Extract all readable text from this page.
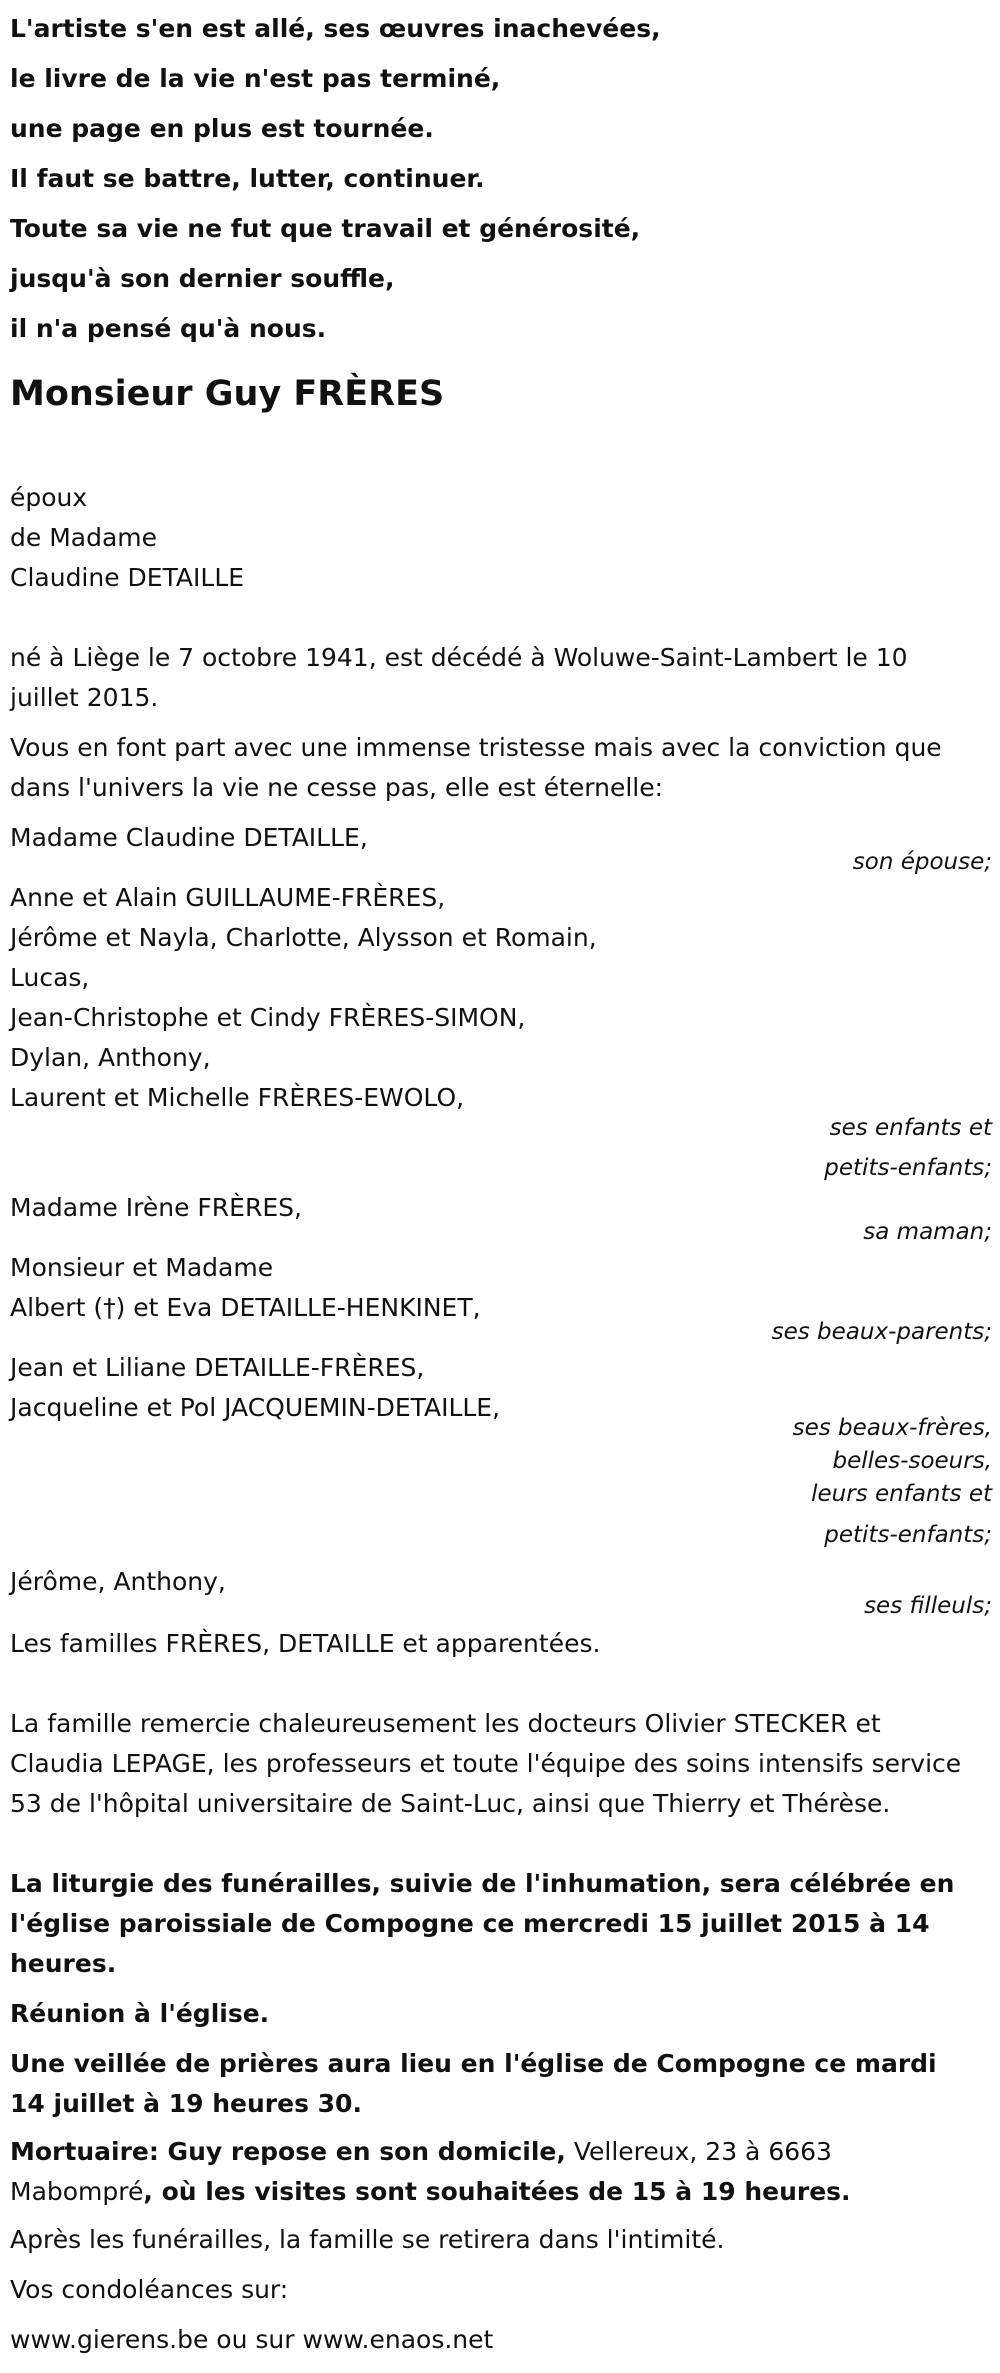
L'artiste s'en est allé, ses œuvres inachevées,

le livre de la vie n'est pas terminé,

une page en plus est tournée.

Il faut se battre, lutter, continuer.

Toute sa vie ne fut que travail et générosité,

jusqu'à son dernier souffle,

il n'a pensé qu'à nous.

Monsieur Guy FRÈRES

époux

de Madame

Claudine DETAILLE

né à Liège le 7 octobre 1941, est décédé à Woluwe-Saint-Lambert le 10 juillet 2015.

Vous en font part avec une immense tristesse mais avec la conviction que dans l'univers la vie ne cesse pas, elle est éternelle:

Madame Claudine DETAILLE,

son épouse;

Anne et Alain GUILLAUME-FRÈRES,

Jérôme et Nayla, Charlotte, Alysson et Romain,

Lucas,

Jean-Christophe et Cindy FRÈRES-SIMON,

Dylan, Anthony,

Laurent et Michelle FRÈRES-EWOLO,

ses enfants et

petits-enfants;

Madame Irène FRÈRES,

sa maman;

Monsieur et Madame

Albert (†) et Eva DETAILLE-HENKINET,

ses beaux-parents;

Jean et Liliane DETAILLE-FRÈRES,

Jacqueline et Pol JACQUEMIN-DETAILLE,

ses beaux-frères,

belles-soeurs,

leurs enfants et

petits-enfants;

Jérôme, Anthony,

ses filleuls;

Les familles FRÈRES, DETAILLE et apparentées.

La famille remercie chaleureusement les docteurs Olivier STECKER et Claudia LEPAGE, les professeurs et toute l'équipe des soins intensifs service 53 de l'hôpital universitaire de Saint-Luc, ainsi que Thierry et Thérèse.

La liturgie des funérailles, suivie de l'inhumation, sera célébrée en l'église paroissiale de Compogne ce mercredi 15 juillet 2015 à 14 heures.

Réunion à l'église.

Une veillée de prières aura lieu en l'église de Compogne ce mardi 14 juillet à 19 heures 30.

Mortuaire: Guy repose en son domicile, Vellereux, 23 à 6663 Mabompré, où les visites sont souhaitées de 15 à 19 heures.

Après les funérailles, la famille se retirera dans l'intimité.

Vos condoléances sur:

www.gierens.be ou sur www.enaos.net
